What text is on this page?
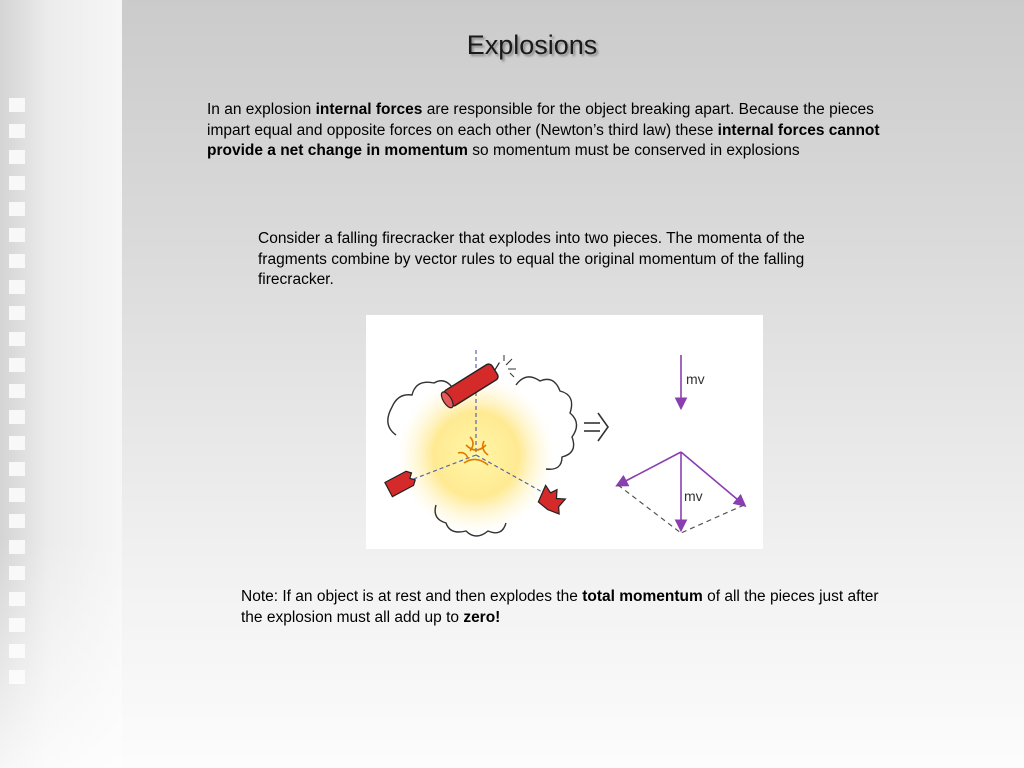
Explosions
In an explosion internal forces are responsible for the object breaking apart. Because the pieces impart equal and opposite forces on each other (Newton’s third law) these internal forces cannot provide a net change in momentum so momentum must be conserved in explosions
Consider a falling firecracker that explodes into two pieces. The momenta of the fragments combine by vector rules to equal the original momentum of the falling firecracker.
mv
mv
Note: If an object is at rest and then explodes the total momentum of all the pieces just after the explosion must all add up to zero!
